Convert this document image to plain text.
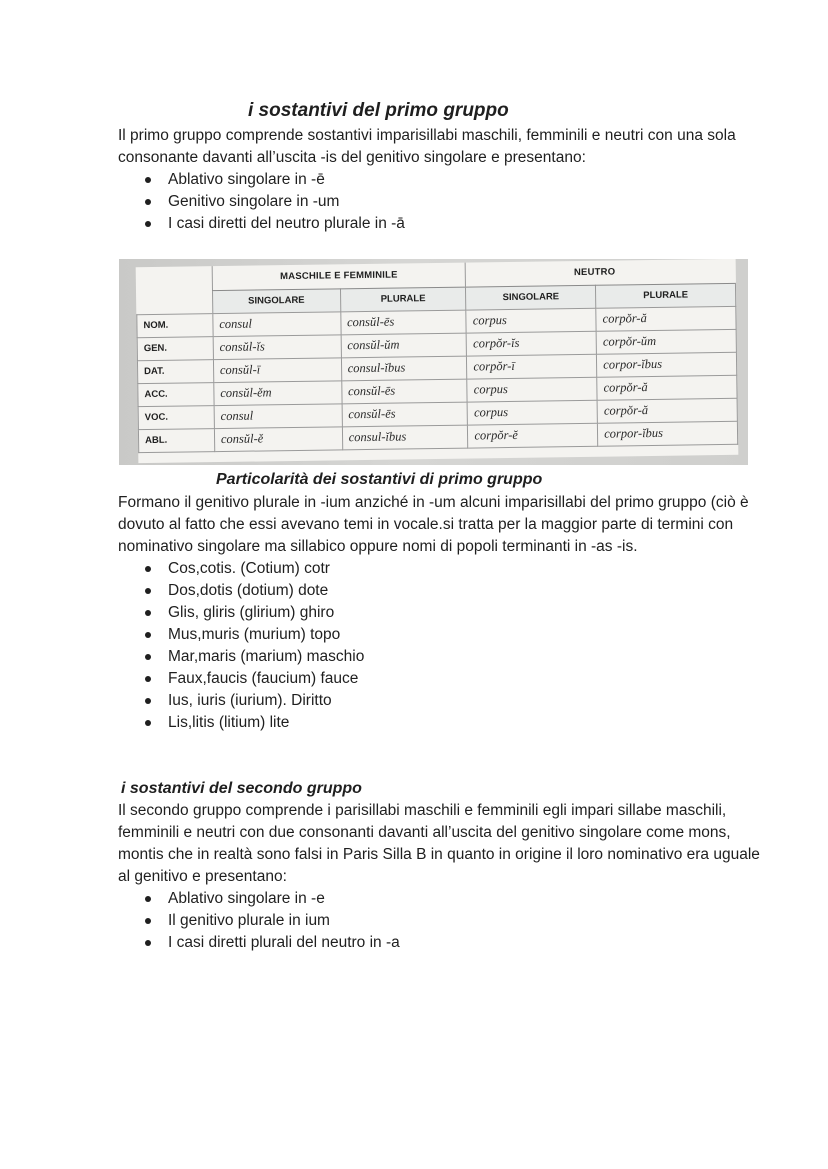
i sostantivi del primo gruppo

Il primo gruppo comprende sostantivi imparisillabi maschili, femminili e neutri con una sola consonante davanti all’uscita -is del genitivo singolare e presentano:

Ablativo singolare in -ē
Genitivo singolare in -um
I casi diretti del neutro plurale in -ā
	MASCHILE E FEMMINILE		NEUTRO	
	SINGOLARE	PLURALE	SINGOLARE	PLURALE
NOM.	consul	consŭl-ēs	corpus	corpŏr-ă
GEN.	consŭl-ĭs	consŭl-ŭm	corpŏr-ĭs	corpŏr-ŭm
DAT.	consŭl-ī	consul-ĭbus	corpŏr-ī	corpor-ĭbus
ACC.	consŭl-ĕm	consŭl-ēs	corpus	corpŏr-ă
VOC.	consul	consŭl-ēs	corpus	corpŏr-ă
ABL.	consŭl-ĕ	consul-ĭbus	corpŏr-ĕ	corpor-ĭbus
Particolarità dei sostantivi di primo gruppo

Formano il genitivo plurale in -ium anziché in -um alcuni imparisillabi del primo gruppo (ciò è dovuto al fatto che essi avevano temi in vocale.si tratta per la maggior parte di termini con nominativo singolare ma sillabico oppure nomi di popoli terminanti in -as -is.

Cos,cotis. (Cotium) cotr
Dos,dotis (dotium) dote
Glis, gliris (glirium) ghiro
Mus,muris (murium) topo
Mar,maris (marium) maschio
Faux,faucis (faucium) fauce
Ius, iuris (iurium). Diritto
Lis,litis (litium) lite
i sostantivi del secondo gruppo

Il secondo gruppo comprende i parisillabi maschili e femminili egli impari sillabe maschili, femminili e neutri con due consonanti davanti all’uscita del genitivo singolare come mons, montis che in realtà sono falsi in Paris Silla B in quanto in origine il loro nominativo era uguale al genitivo e presentano:

Ablativo singolare in -e
Il genitivo plurale in ium
I casi diretti plurali del neutro in -a
